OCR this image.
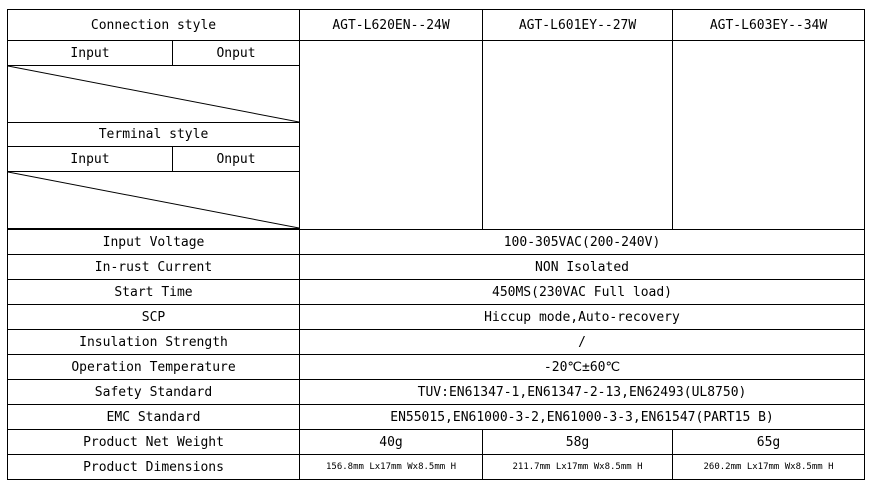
Connection style		AGT-L620EN--24W	AGT-L601EY--27W	AGT-L603EY--34W
Input	Onput			

Terminal style				
Input	Onput			

Input Voltage		100-305VAC(200-240V)		
In-rust Current		NON Isolated		
Start Time		450MS(230VAC Full load)		
SCP		Hiccup mode,Auto-recovery		
Insulation Strength		/		
Operation Temperature		-20℃±60℃		
Safety Standard		TUV:EN61347-1,EN61347-2-13,EN62493(UL8750)		
EMC Standard		EN55015,EN61000-3-2,EN61000-3-3,EN61547(PART15 B)		
Product Net Weight		40g	58g	65g
Product Dimensions		156.8mm Lx17mm Wx8.5mm H	211.7mm Lx17mm Wx8.5mm H	260.2mm Lx17mm Wx8.5mm H
